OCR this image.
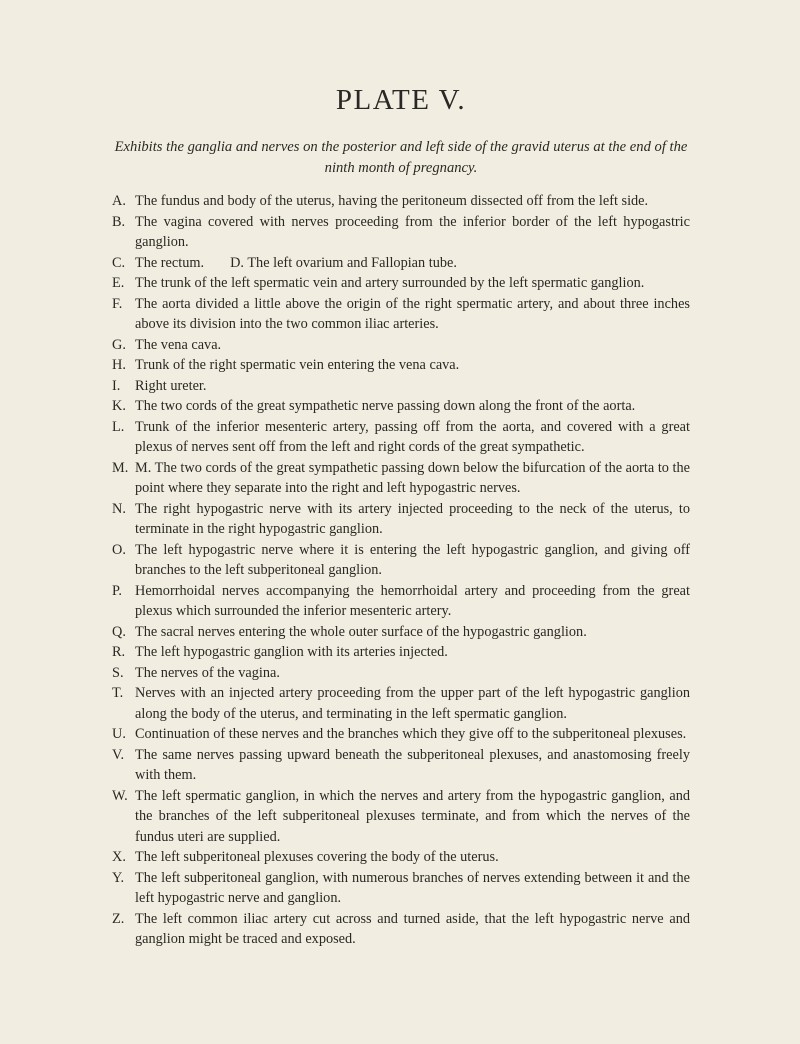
PLATE V.

Exhibits the ganglia and nerves on the posterior and left side of the gravid uterus at the end of the ninth month of pregnancy.

A. The fundus and body of the uterus, having the peritoneum dissected off from the left side.
B. The vagina covered with nerves proceeding from the inferior border of the left hypogastric ganglion.
C. The rectum. D. The left ovarium and Fallopian tube.
E. The trunk of the left spermatic vein and artery surrounded by the left spermatic ganglion.
F. The aorta divided a little above the origin of the right spermatic artery, and about three inches above its division into the two common iliac arteries.
G. The vena cava.
H. Trunk of the right spermatic vein entering the vena cava.
I. Right ureter.
K. The two cords of the great sympathetic nerve passing down along the front of the aorta.
L. Trunk of the inferior mesenteric artery, passing off from the aorta, and covered with a great plexus of nerves sent off from the left and right cords of the great sympathetic.
M. M. The two cords of the great sympathetic passing down below the bifurcation of the aorta to the point where they separate into the right and left hypogastric nerves.
N. The right hypogastric nerve with its artery injected proceeding to the neck of the uterus, to terminate in the right hypogastric ganglion.
O. The left hypogastric nerve where it is entering the left hypogastric ganglion, and giving off branches to the left subperitoneal ganglion.
P. Hemorrhoidal nerves accompanying the hemorrhoidal artery and proceeding from the great plexus which surrounded the inferior mesenteric artery.
Q. The sacral nerves entering the whole outer surface of the hypogastric ganglion.
R. The left hypogastric ganglion with its arteries injected.
S. The nerves of the vagina.
T. Nerves with an injected artery proceeding from the upper part of the left hypogastric ganglion along the body of the uterus, and terminating in the left spermatic ganglion.
U. Continuation of these nerves and the branches which they give off to the subperitoneal plexuses.
V. The same nerves passing upward beneath the subperitoneal plexuses, and anastomosing freely with them.
W. The left spermatic ganglion, in which the nerves and artery from the hypogastric ganglion, and the branches of the left subperitoneal plexuses terminate, and from which the nerves of the fundus uteri are supplied.
X. The left subperitoneal plexuses covering the body of the uterus.
Y. The left subperitoneal ganglion, with numerous branches of nerves extending between it and the left hypogastric nerve and ganglion.
Z. The left common iliac artery cut across and turned aside, that the left hypogastric nerve and ganglion might be traced and exposed.
